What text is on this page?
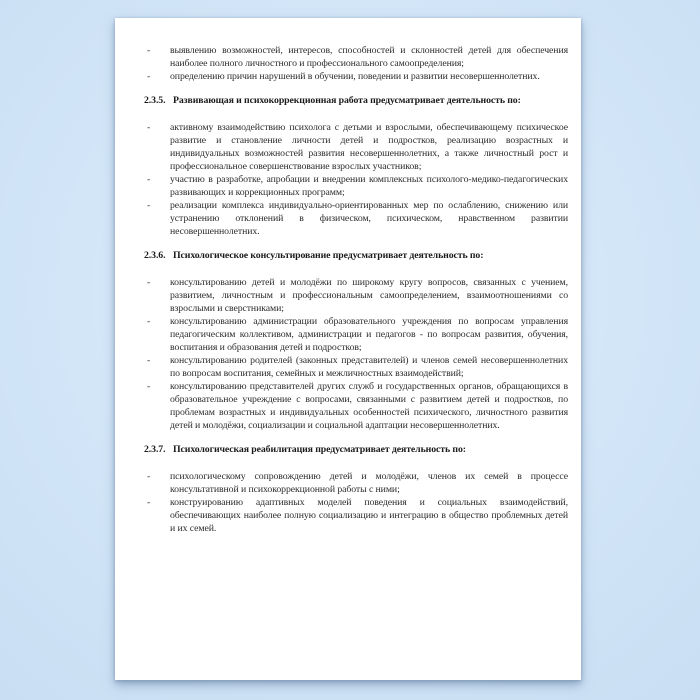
-	выявлению возможностей, интересов, способностей и склонностей детей для обеспечения наиболее полного личностного и профессионального самоопределения;
-	определению причин нарушений в обучении, поведении и развитии несовершеннолетних.
2.3.5. Развивающая и психокоррекционная работа предусматривает деятельность по:
-	активному взаимодействию психолога с детьми и взрослыми, обеспечивающему психическое развитие и становление личности детей и подростков, реализацию возрастных и индивидуальных возможностей развития несовершеннолетних, а также личностный рост и профессиональное совершенствование взрослых участников;
-	участию в разработке, апробации и внедрении комплексных психолого-медико-педагогических развивающих и коррекционных программ;
-	реализации комплекса индивидуально-ориентированных мер по ослаблению, снижению или устранению отклонений в физическом, психическом, нравственном развитии несовершеннолетних.
2.3.6. Психологическое консультирование предусматривает деятельность по:
-	консультированию детей и молодёжи по широкому кругу вопросов, связанных с учением, развитием, личностным и профессиональным самоопределением, взаимоотношениями со взрослыми и сверстниками;
-	консультированию администрации образовательного учреждения по вопросам управления педагогическим коллективом, администрации и педагогов - по вопросам развития, обучения, воспитания и образования детей и подростков;
-	консультированию родителей (законных представителей) и членов семей несовершеннолетних по вопросам воспитания, семейных и межличностных взаимодействий;
-	консультированию представителей других служб и государственных органов, обращающихся в образовательное учреждение с вопросами, связанными с развитием детей и подростков, по проблемам возрастных и индивидуальных особенностей психического, личностного развития детей и молодёжи, социализации и социальной адаптации несовершеннолетних.
2.3.7. Психологическая реабилитация предусматривает деятельность по:
-	психологическому сопровождению детей и молодёжи, членов их семей в процессе консультативной и психокоррекционной работы с ними;
-	конструированию адаптивных моделей поведения и социальных взаимодействий, обеспечивающих наиболее полную социализацию и интеграцию в общество проблемных детей и их семей.
